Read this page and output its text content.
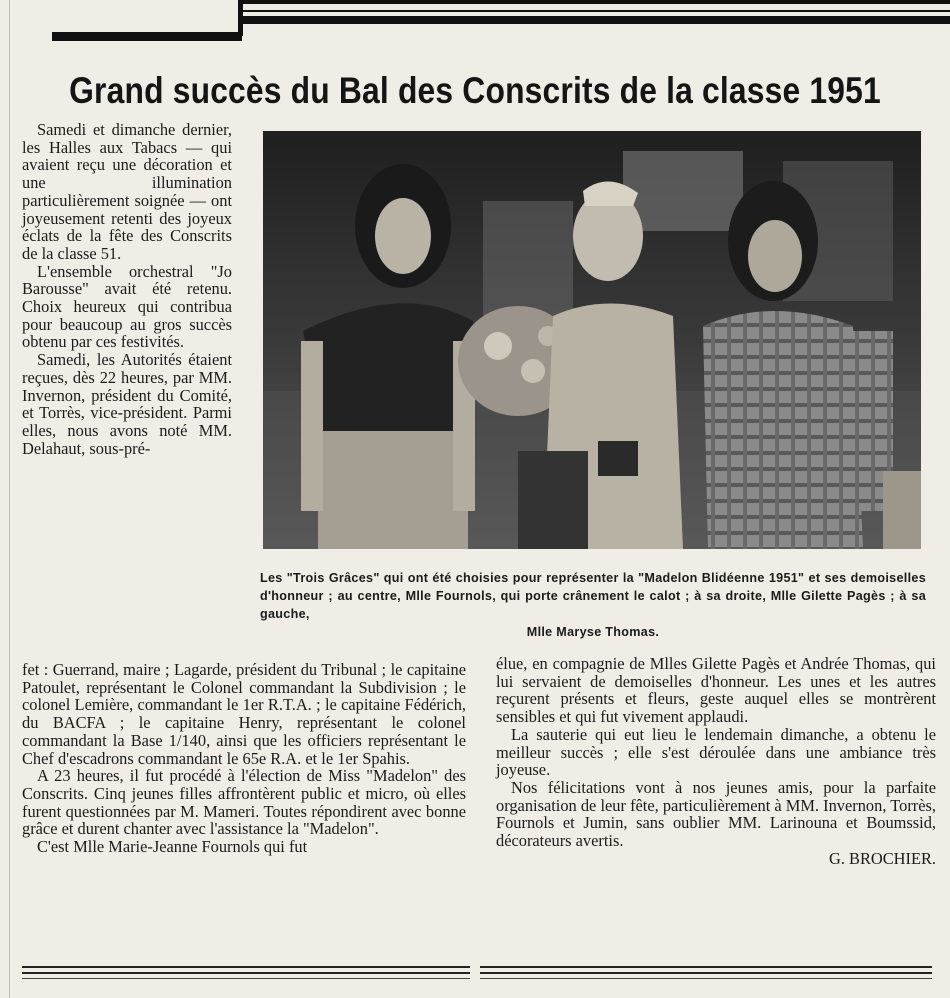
Grand succès du Bal des Conscrits de la classe 1951

Samedi et dimanche dernier, les Halles aux Tabacs — qui avaient reçu une décoration et une illumination particulièrement soignée — ont joyeusement retenti des joyeux éclats de la fête des Conscrits de la classe 51.

L'ensemble orchestral "Jo Barousse" avait été retenu. Choix heureux qui contribua pour beaucoup au gros succès obtenu par ces festivités.

Samedi, les Autorités étaient reçues, dès 22 heures, par MM. Invernon, président du Comité, et Torrès, vice-président. Parmi elles, nous avons noté MM. Delahaut, sous-pré-

Les "Trois Grâces" qui ont été choisies pour représenter la "Madelon Blidéenne 1951" et ses demoiselles d'honneur ; au centre, Mlle Fournols, qui porte crânement le calot ; à sa droite, Mlle Gilette Pagès ; à sa gauche,
Mlle Maryse Thomas.

fet : Guerrand, maire ; Lagarde, président du Tribunal ; le capitaine Patoulet, représentant le Colonel commandant la Subdivision ; le colonel Lemière, commandant le 1er R.T.A. ; le capitaine Fédérich, du BACFA ; le capitaine Henry, représentant le colonel commandant la Base 1/140, ainsi que les officiers représentant le Chef d'escadrons commandant le 65e R.A. et le 1er Spahis.

A 23 heures, il fut procédé à l'élection de Miss "Madelon" des Conscrits. Cinq jeunes filles affrontèrent public et micro, où elles furent questionnées par M. Mameri. Toutes répondirent avec bonne grâce et durent chanter avec l'assistance la "Madelon".

C'est Mlle Marie-Jeanne Fournols qui fut

élue, en compagnie de Mlles Gilette Pagès et Andrée Thomas, qui lui servaient de demoiselles d'honneur. Les unes et les autres reçurent présents et fleurs, geste auquel elles se montrèrent sensibles et qui fut vivement applaudi.

La sauterie qui eut lieu le lendemain dimanche, a obtenu le meilleur succès ; elle s'est déroulée dans une ambiance très joyeuse.

Nos félicitations vont à nos jeunes amis, pour la parfaite organisation de leur fête, particulièrement à MM. Invernon, Torrès, Fournols et Jumin, sans oublier MM. Larinouna et Boumssid, décorateurs avertis.

G. BROCHIER.
